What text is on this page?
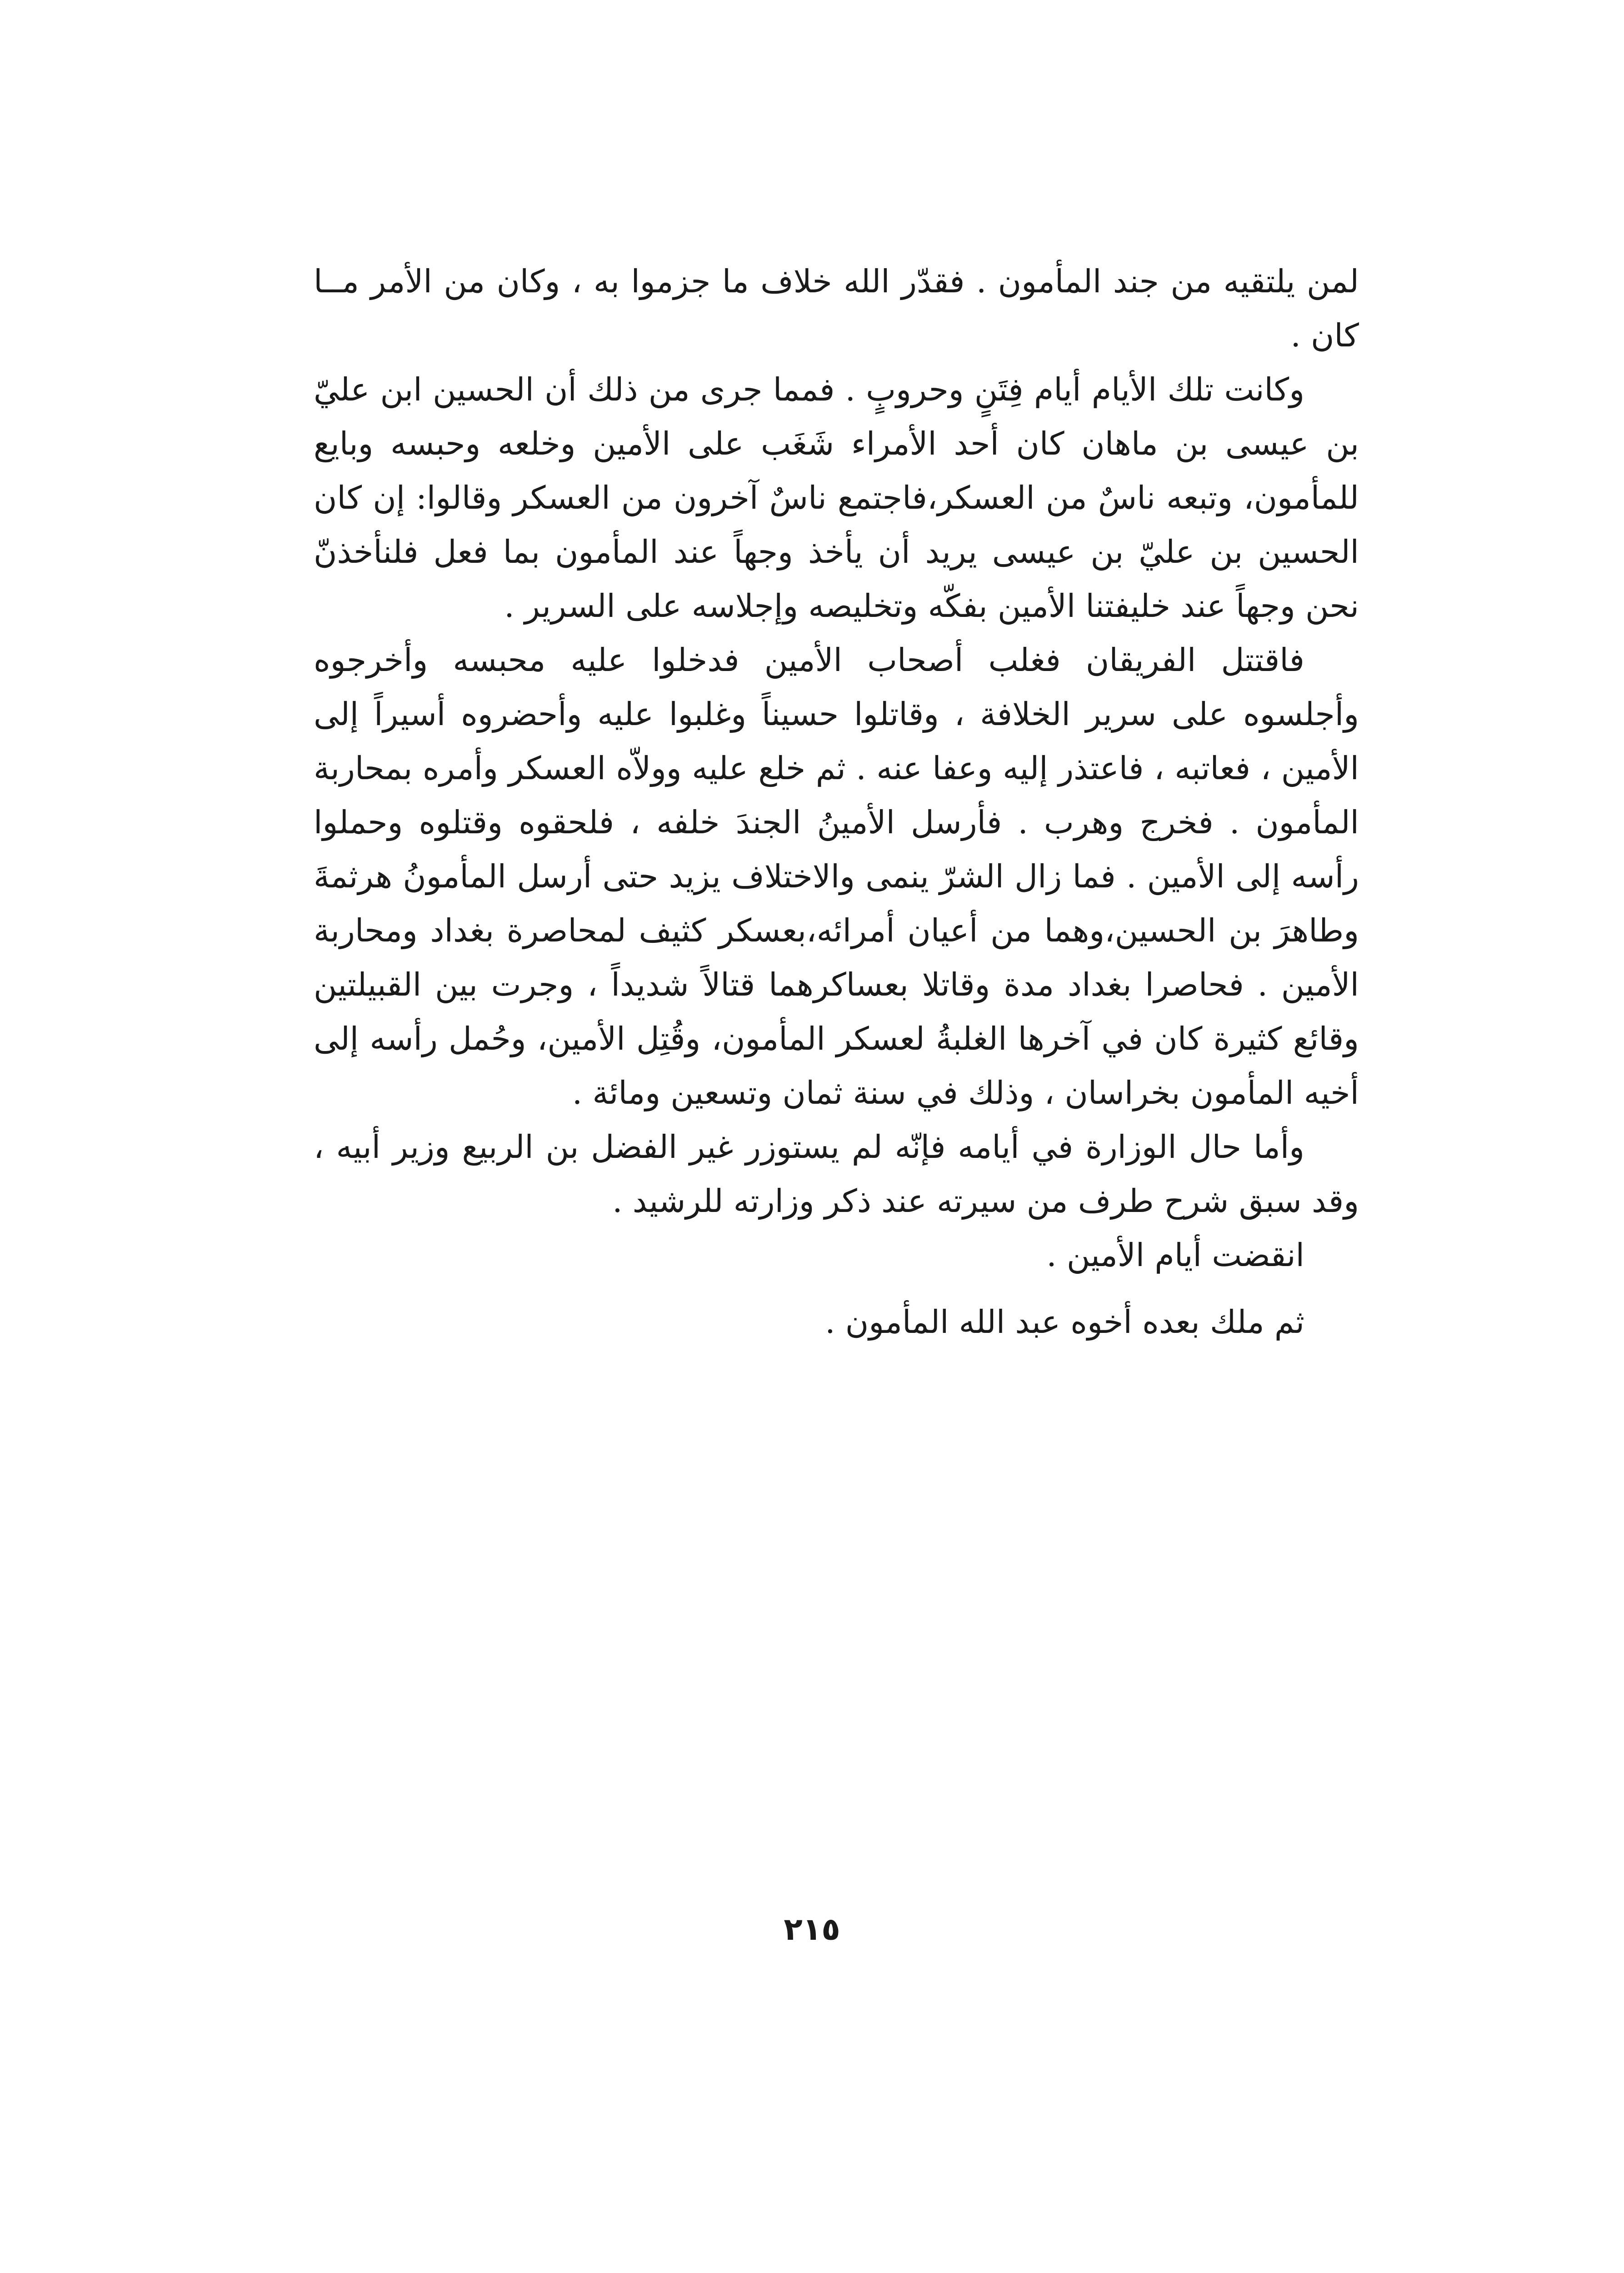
لمن يلتقيه من جند المأمون . فقدّر الله خلاف ما جزموا به ، وكان من الأمر مــا كان .

وكانت تلك الأيام أيام فِتَنٍ وحروبٍ . فمما جرى من ذلك أن الحسين ابن عليّ بن عيسى بن ماهان كان أحد الأمراء شَغَب على الأمين وخلعه وحبسه وبايع للمأمون، وتبعه ناسٌ من العسكر،فاجتمع ناسٌ آخرون من العسكر وقالوا: إن كان الحسين بن عليّ بن عيسى يريد أن يأخذ وجهاً عند المأمون بما فعل فلنأخذنّ نحن وجهاً عند خليفتنا الأمين بفكّه وتخليصه وإجلاسه على السرير .

فاقتتل الفريقان فغلب أصحاب الأمين فدخلوا عليه محبسه وأخرجوه وأجلسوه على سرير الخلافة ، وقاتلوا حسيناً وغلبوا عليه وأحضروه أسيراً إلى الأمين ، فعاتبه ، فاعتذر إليه وعفا عنه . ثم خلع عليه وولاّه العسكر وأمره بمحاربة المأمون . فخرج وهرب . فأرسل الأمينُ الجندَ خلفه ، فلحقوه وقتلوه وحملوا رأسه إلى الأمين . فما زال الشرّ ينمى والاختلاف يزيد حتى أرسل المأمونُ هرثمةَ وطاهرَ بن الحسين،وهما من أعيان أمرائه،بعسكر كثيف لمحاصرة بغداد ومحاربة الأمين . فحاصرا بغداد مدة وقاتلا بعساكرهما قتالاً شديداً ، وجرت بين القبيلتين وقائع كثيرة كان في آخرها الغلبةُ لعسكر المأمون، وقُتِل الأمين، وحُمل رأسه إلى أخيه المأمون بخراسان ، وذلك في سنة ثمان وتسعين ومائة .

وأما حال الوزارة في أيامه فإنّه لم يستوزر غير الفضل بن الربيع وزير أبيه ، وقد سبق شرح طرف من سيرته عند ذكر وزارته للرشيد .

انقضت أيام الأمين .

ثم ملك بعده أخوه عبد الله المأمون .

٢١٥
